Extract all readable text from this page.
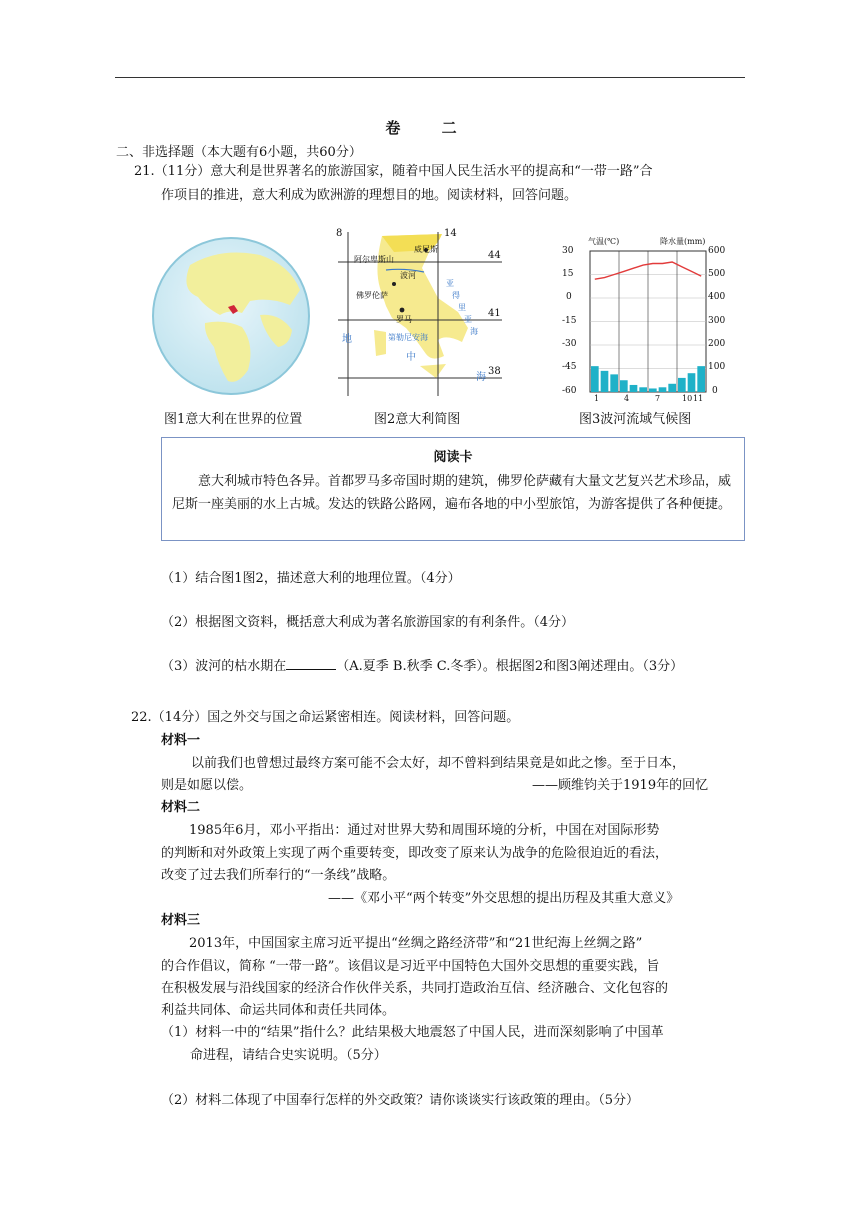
卷 二
二、非选择题（本大题有6小题，共60分）
21.（11分）意大利是世界著名的旅游国家，随着中国人民生活水平的提高和“一带一路”合
作项目的推进，意大利成为欧洲游的理想目的地。阅读材料，回答问题。
图1意大利在世界的位置
8	14
44
41
38
威尼斯
阿尔卑斯山
波河
佛罗伦萨
罗马
亚
得
里
亚
海
第勒尼安海
地
中
海
图2意大利简图
气温(℃)	降水量(mm)
30
15
0
-15
-30
-45
-60
600
500
400
300
200
100
0
1	4	7	10 11
图3波河流域气候图
阅读卡

意大利城市特色各异。首都罗马多帝国时期的建筑，佛罗伦萨藏有大量文艺复兴艺术珍品，威尼斯一座美丽的水上古城。发达的铁路公路网，遍布各地的中小型旅馆，为游客提供了各种便捷。

（1）结合图1图2，描述意大利的地理位置。（4分）
（2）根据图文资料，概括意大利成为著名旅游国家的有利条件。（4分）
（3）波河的枯水期在	（A.夏季 B.秋季 C.冬季）。根据图2和图3阐述理由。（3分）
22.（14分）国之外交与国之命运紧密相连。阅读材料，回答问题。
材料一
以前我们也曾想过最终方案可能不会太好，却不曾料到结果竟是如此之惨。至于日本，
则是如愿以偿。	——顾维钧关于1919年的回忆
材料二
1985年6月，邓小平指出：通过对世界大势和周围环境的分析，中国在对国际形势
的判断和对外政策上实现了两个重要转变，即改变了原来认为战争的危险很迫近的看法，
改变了过去我们所奉行的“一条线”战略。
——《邓小平“两个转变”外交思想的提出历程及其重大意义》
材料三
2013年，中国国家主席习近平提出“丝绸之路经济带”和“21世纪海上丝绸之路”
的合作倡议，简称 “一带一路”。该倡议是习近平中国特色大国外交思想的重要实践，旨
在积极发展与沿线国家的经济合作伙伴关系，共同打造政治互信、经济融合、文化包容的
利益共同体、命运共同体和责任共同体。
（1）材料一中的“结果”指什么？此结果极大地震怒了中国人民，进而深刻影响了中国革
命进程，请结合史实说明。（5分）
（2）材料二体现了中国奉行怎样的外交政策？请你谈谈实行该政策的理由。（5分）
